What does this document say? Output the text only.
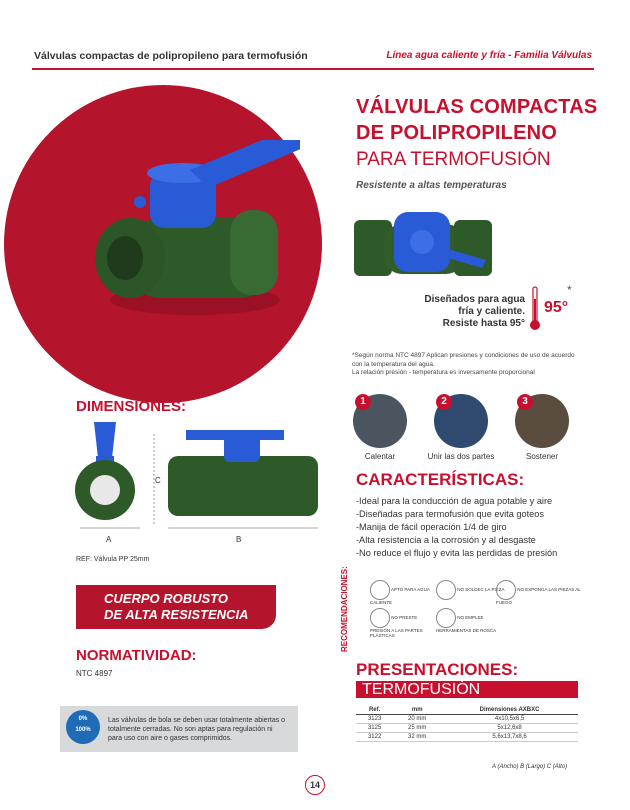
Válvulas compactas de polipropileno para termofusión	Línea agua caliente y fría - Familia Válvulas
VÁLVULAS COMPACTAS
DE POLIPROPILENO
PARA TERMOFUSIÓN
Resistente a altas temperaturas
Diseñados para agua
fría y caliente.
Resiste hasta 95°
95°
*
*Según norma NTC 4897 Aplican presiones y condiciones de uso de acuerdo con la temperatura del agua.
La relación presión - temperatura es inversamente proporcional
1
Calentar
2
Unir las dos partes
3
Sostener
DIMENSIONES:
A
C
B
REF: Válvula PP 25mm
CARACTERÍSTICAS:
-Ideal para la conducción de agua potable y aire
-Diseñadas para termofusión que evita goteos
-Manija de fácil operación 1/4 de giro
-Alta resistencia a la corrosión y al desgaste
-No reduce el flujo y evita las perdidas de presión
CUERPO ROBUSTO
DE ALTA RESISTENCIA	RECOMENDACIONES:	APTO PARA AGUA CALIENTE
NO SOLDEC LA PIEZA	NO EXPONGA LAS PIEZAS AL FUEGO
NO PRESTE PRESIÓN A LAS PARTES PLÁSTICAS
NO EMPLEE HERRAMIENTAS DE ROSCA
NORMATIVIDAD:
NTC 4897
0%
100%
Las válvulas de bola se deben usar totalmente abiertas o totalmente cerradas. No son aptas para regulación ni para uso con aire o gases comprimidos.
PRESENTACIONES:
TERMOFUSIÓN
Ref.	mm	Dimensiones AXBXC
3123	20 mm	4x10,5x6,5
3125	25 mm	5x12,6x8
3122	32 mm	5,6x13,7x8,6
A (Ancho) B (Largo) C (Alto)
14
